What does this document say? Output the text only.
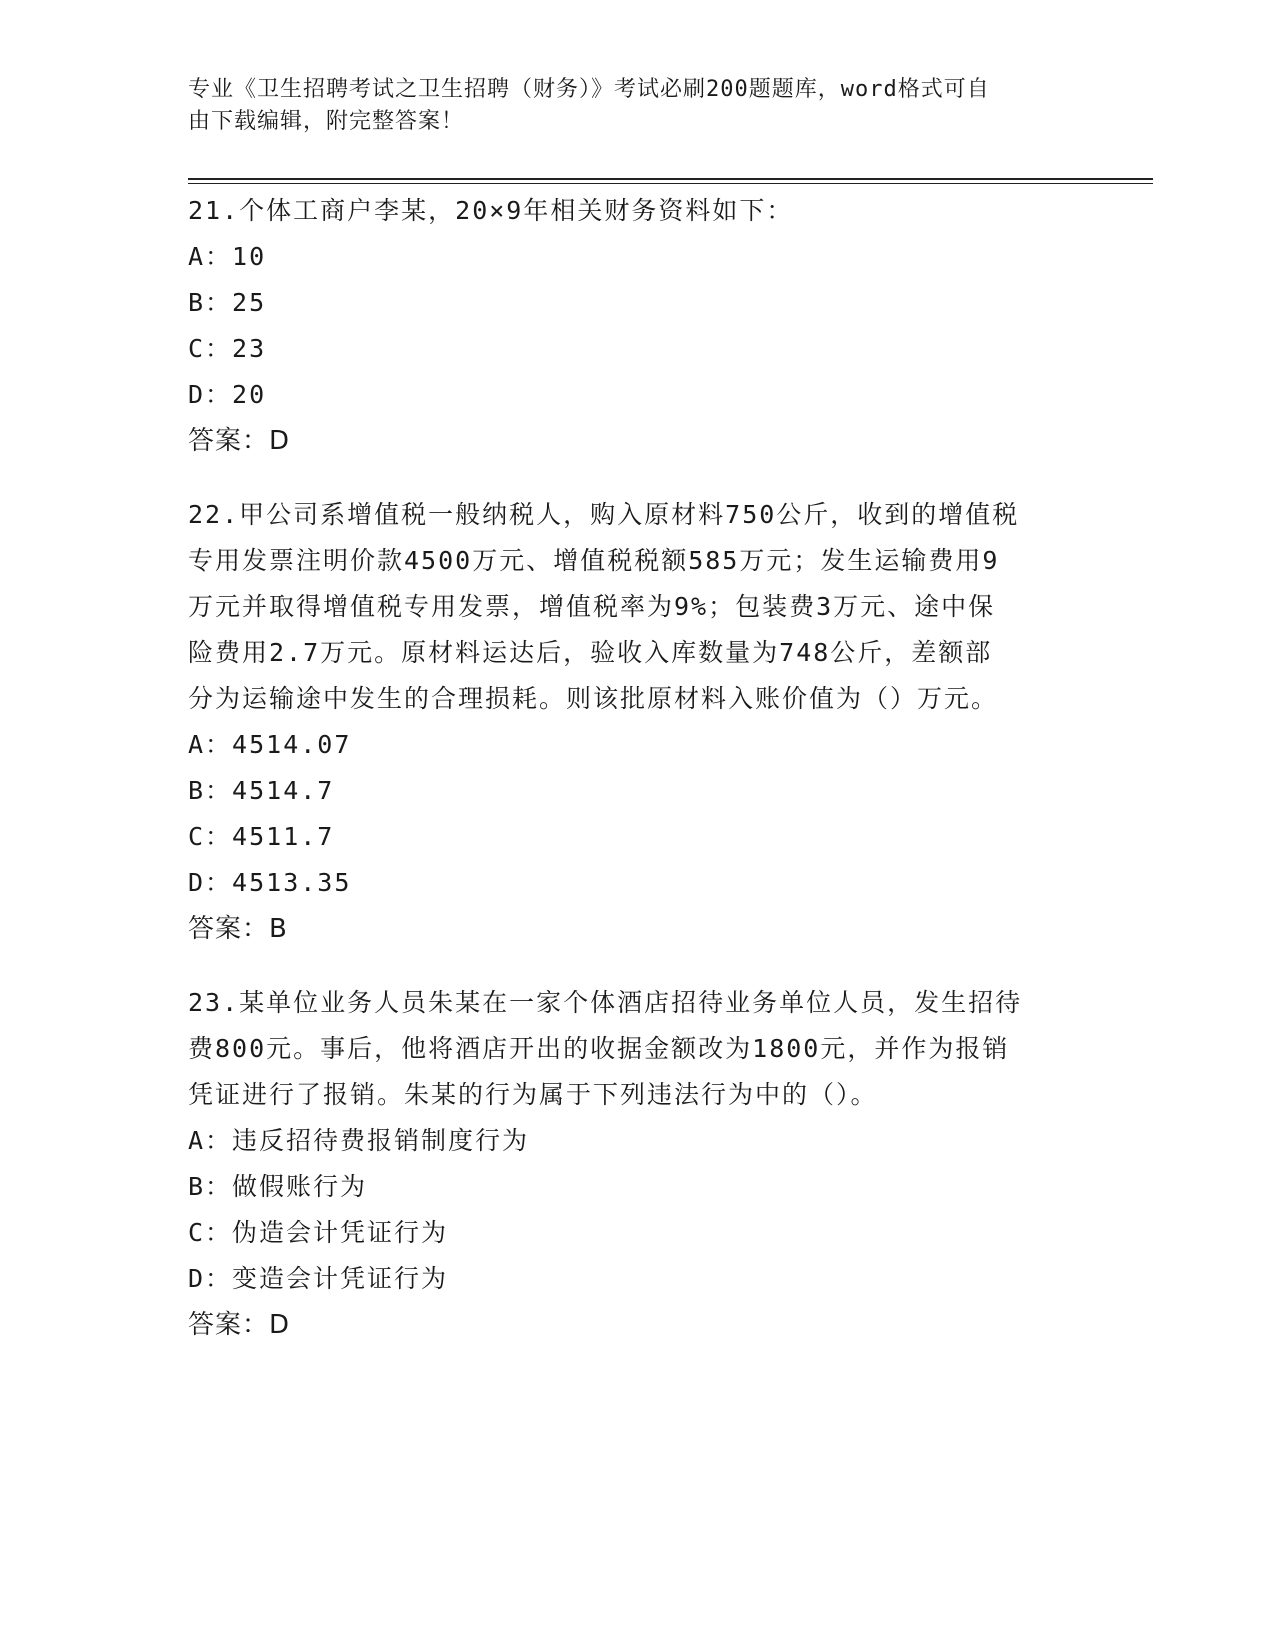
专业《卫生招聘考试之卫生招聘（财务）》考试必刷200题题库，word格式可自
由下载编辑，附完整答案！
21.个体工商户李某，20×9年相关财务资料如下：
A：10
B：25
C：23
D：20
答案：D
22.甲公司系增值税一般纳税人，购入原材料750公斤，收到的增值税
专用发票注明价款4500万元、增值税税额585万元；发生运输费用9
万元并取得增值税专用发票，增值税率为9%；包装费3万元、途中保
险费用2.7万元。原材料运达后，验收入库数量为748公斤，差额部
分为运输途中发生的合理损耗。则该批原材料入账价值为（）万元。
A：4514.07
B：4514.7
C：4511.7
D：4513.35
答案：B
23.某单位业务人员朱某在一家个体酒店招待业务单位人员，发生招待
费800元。事后，他将酒店开出的收据金额改为1800元，并作为报销
凭证进行了报销。朱某的行为属于下列违法行为中的（）。
A：违反招待费报销制度行为
B：做假账行为
C：伪造会计凭证行为
D：变造会计凭证行为
答案：D
